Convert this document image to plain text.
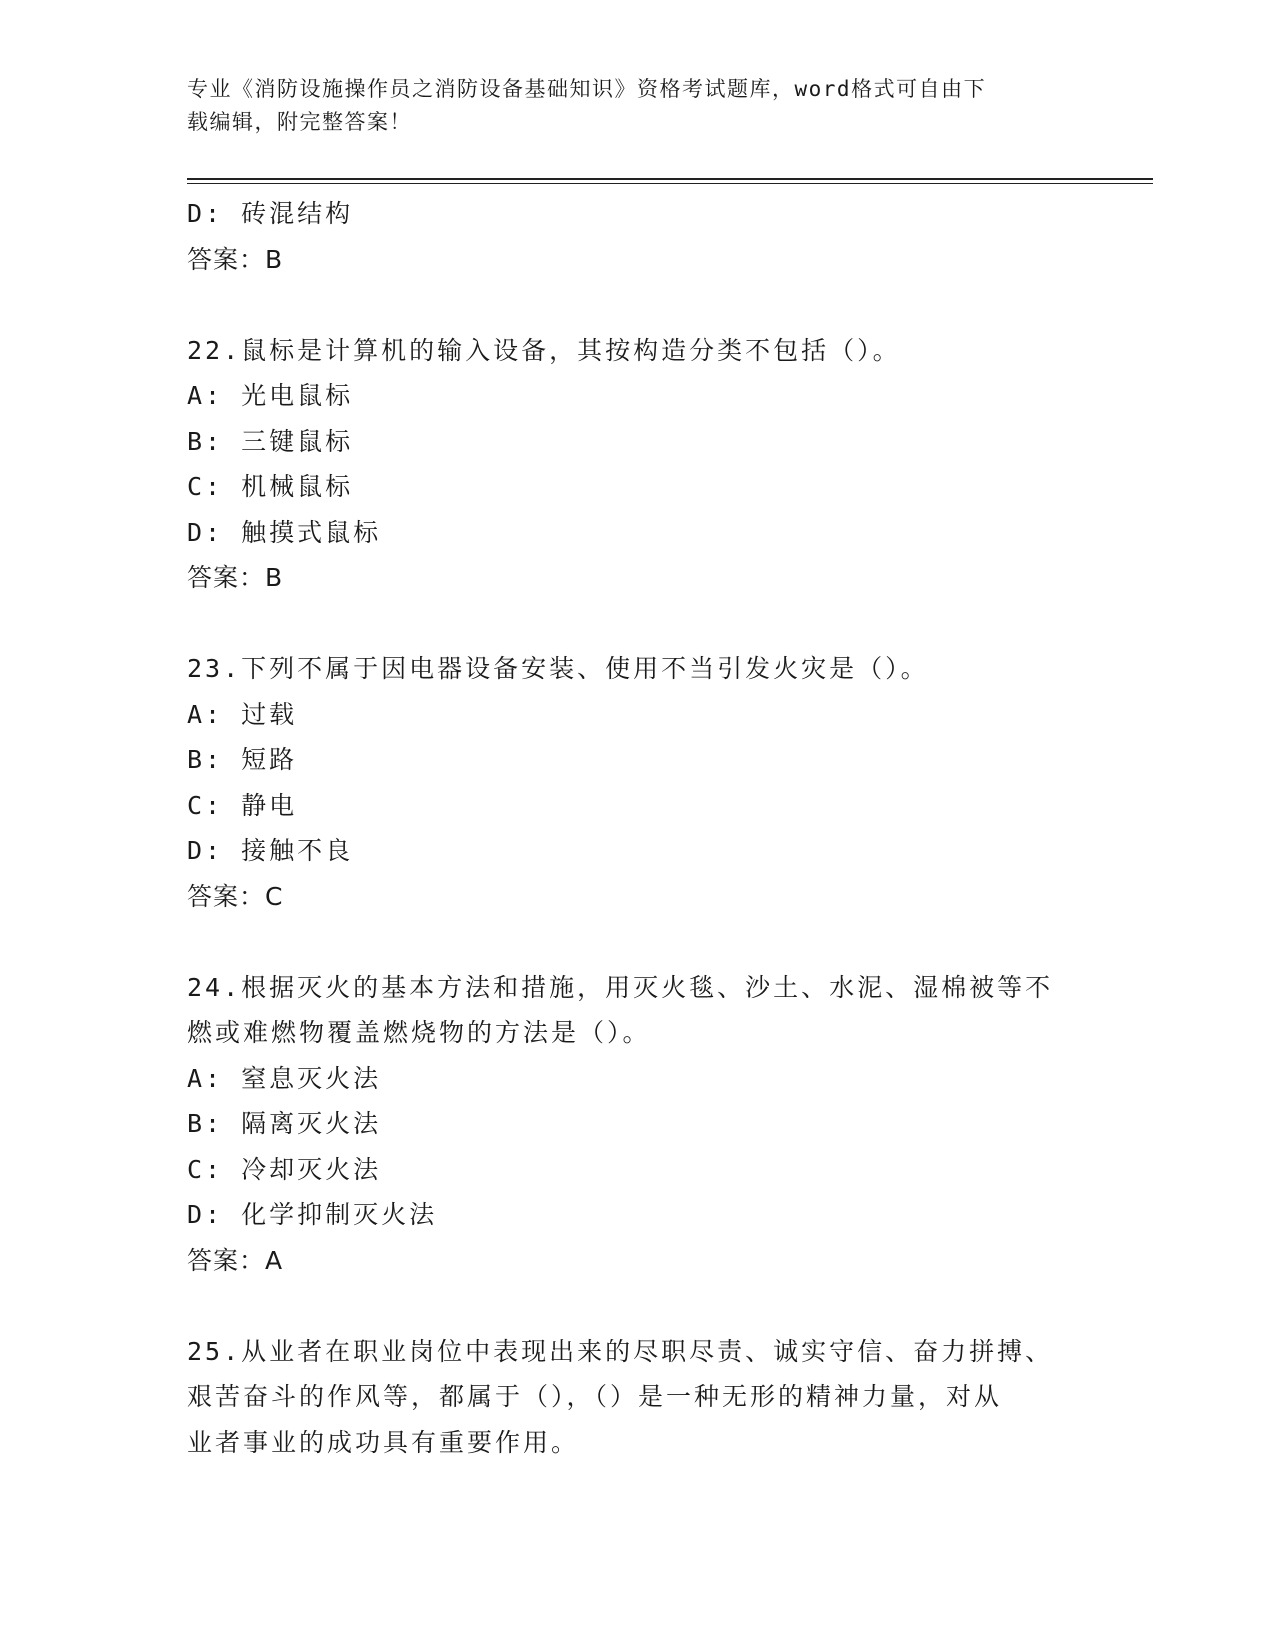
专业《消防设施操作员之消防设备基础知识》资格考试题库，word格式可自由下
载编辑，附完整答案！
D: 砖混结构
答案：B
22.鼠标是计算机的输入设备，其按构造分类不包括（）。
A: 光电鼠标
B: 三键鼠标
C: 机械鼠标
D: 触摸式鼠标
答案：B
23.下列不属于因电器设备安装、使用不当引发火灾是（）。
A: 过载
B: 短路
C: 静电
D: 接触不良
答案：C
24.根据灭火的基本方法和措施，用灭火毯、沙土、水泥、湿棉被等不
燃或难燃物覆盖燃烧物的方法是（）。
A: 窒息灭火法
B: 隔离灭火法
C: 冷却灭火法
D: 化学抑制灭火法
答案：A
25.从业者在职业岗位中表现出来的尽职尽责、诚实守信、奋力拼搏、
艰苦奋斗的作风等，都属于（），（）是一种无形的精神力量，对从
业者事业的成功具有重要作用。
